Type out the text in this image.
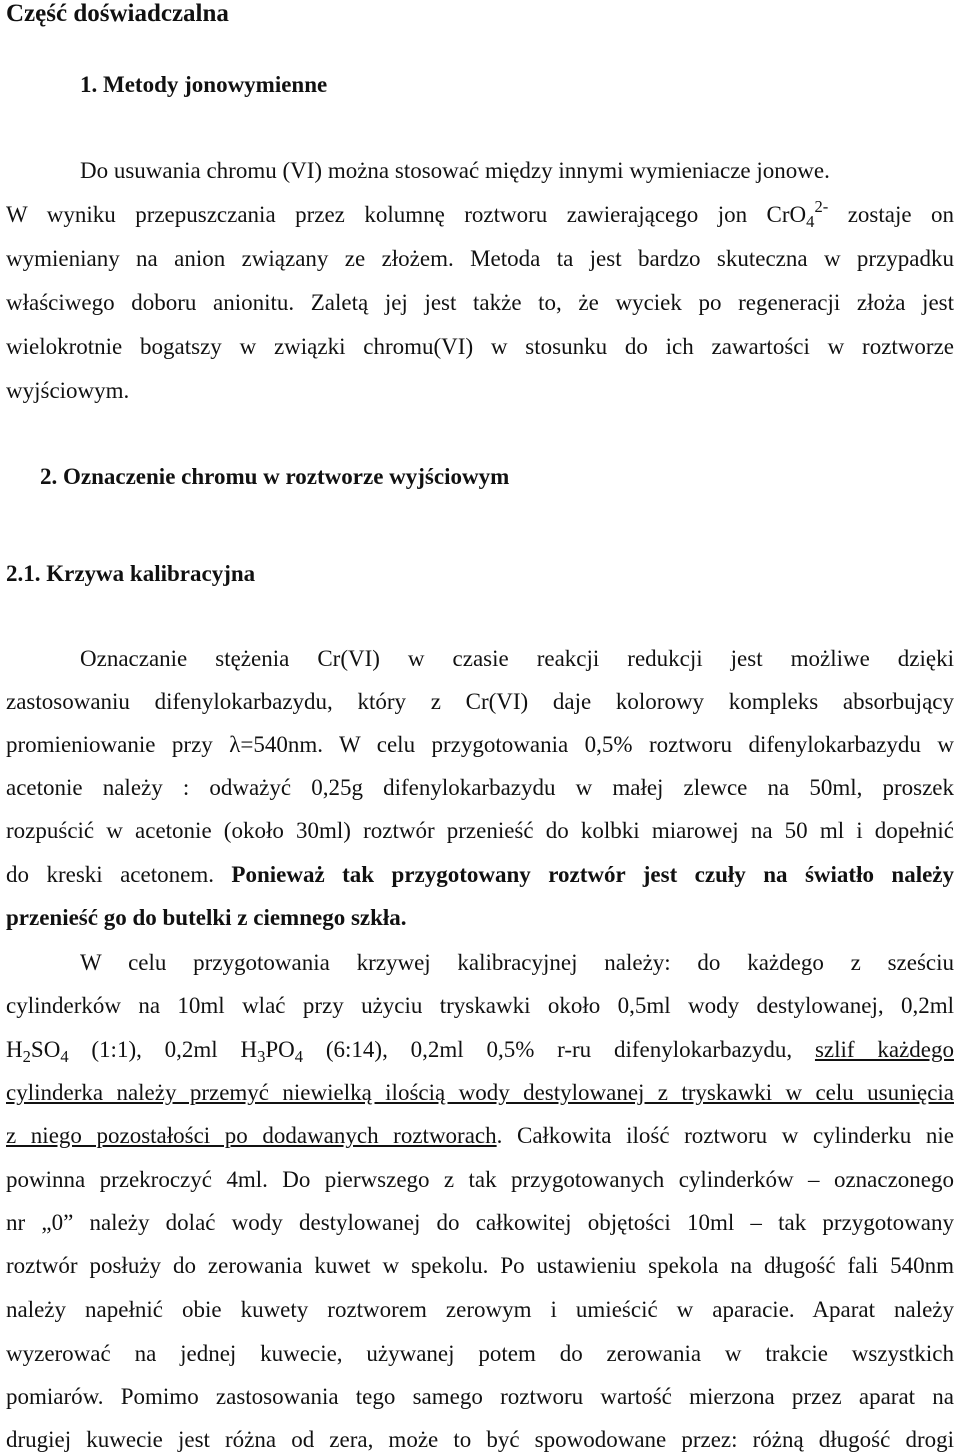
Część doświadczalna
1. Metody jonowymienne
Do usuwania chromu (VI) można stosować między innymi wymieniacze jonowe.
W wyniku przepuszczania przez kolumnę roztworu zawierającego jon CrO$_4^{2-}$ zostaje on
wymieniany na anion związany ze złożem. Metoda ta jest bardzo skuteczna w przypadku
właściwego doboru anionitu. Zaletą jej jest także to, że wyciek po regeneracji złoża jest
wielokrotnie bogatszy w związki chromu(VI) w stosunku do ich zawartości w roztworze
wyjściowym.
2. Oznaczenie chromu w roztworze wyjściowym
2.1. Krzywa kalibracyjna
Oznaczanie stężenia Cr(VI) w czasie reakcji redukcji jest możliwe dzięki
zastosowaniu difenylokarbazydu, który z Cr(VI) daje kolorowy kompleks absorbujący
promieniowanie przy λ=540nm. W celu przygotowania 0,5% roztworu difenylokarbazydu w
acetonie należy : odważyć 0,25g difenylokarbazydu w małej zlewce na 50ml, proszek
rozpuścić w acetonie (około 30ml) roztwór przenieść do kolbki miarowej na 50 ml i dopełnić
do kreski acetonem. Ponieważ tak przygotowany roztwór jest czuły na światło należy
przenieść go do butelki z ciemnego szkła.
W celu przygotowania krzywej kalibracyjnej należy: do każdego z sześciu
cylinderków na 10ml wlać przy użyciu tryskawki około 0,5ml wody destylowanej, 0,2ml
$H_2SO_4$ (1:1), 0,2ml $H_3PO_4$ (6:14), 0,2ml 0,5% r-ru difenylokarbazydu, szlif każdego
cylinderka należy przemyć niewielką ilością wody destylowanej z tryskawki w celu usunięcia
z niego pozostałości po dodawanych roztworach. Całkowita ilość roztworu w cylinderku nie
powinna przekroczyć 4ml. Do pierwszego z tak przygotowanych cylinderków – oznaczonego
nr „0” należy dolać wody destylowanej do całkowitej objętości 10ml – tak przygotowany
roztwór posłuży do zerowania kuwet w spekolu. Po ustawieniu spekola na długość fali 540nm
należy napełnić obie kuwety roztworem zerowym i umieścić w aparacie. Aparat należy
wyzerować na jednej kuwecie, używanej potem do zerowania w trakcie wszystkich
pomiarów. Pomimo zastosowania tego samego roztworu wartość mierzona przez aparat na
drugiej kuwecie jest różna od zera, może to być spowodowane przez: różną długość drogi
